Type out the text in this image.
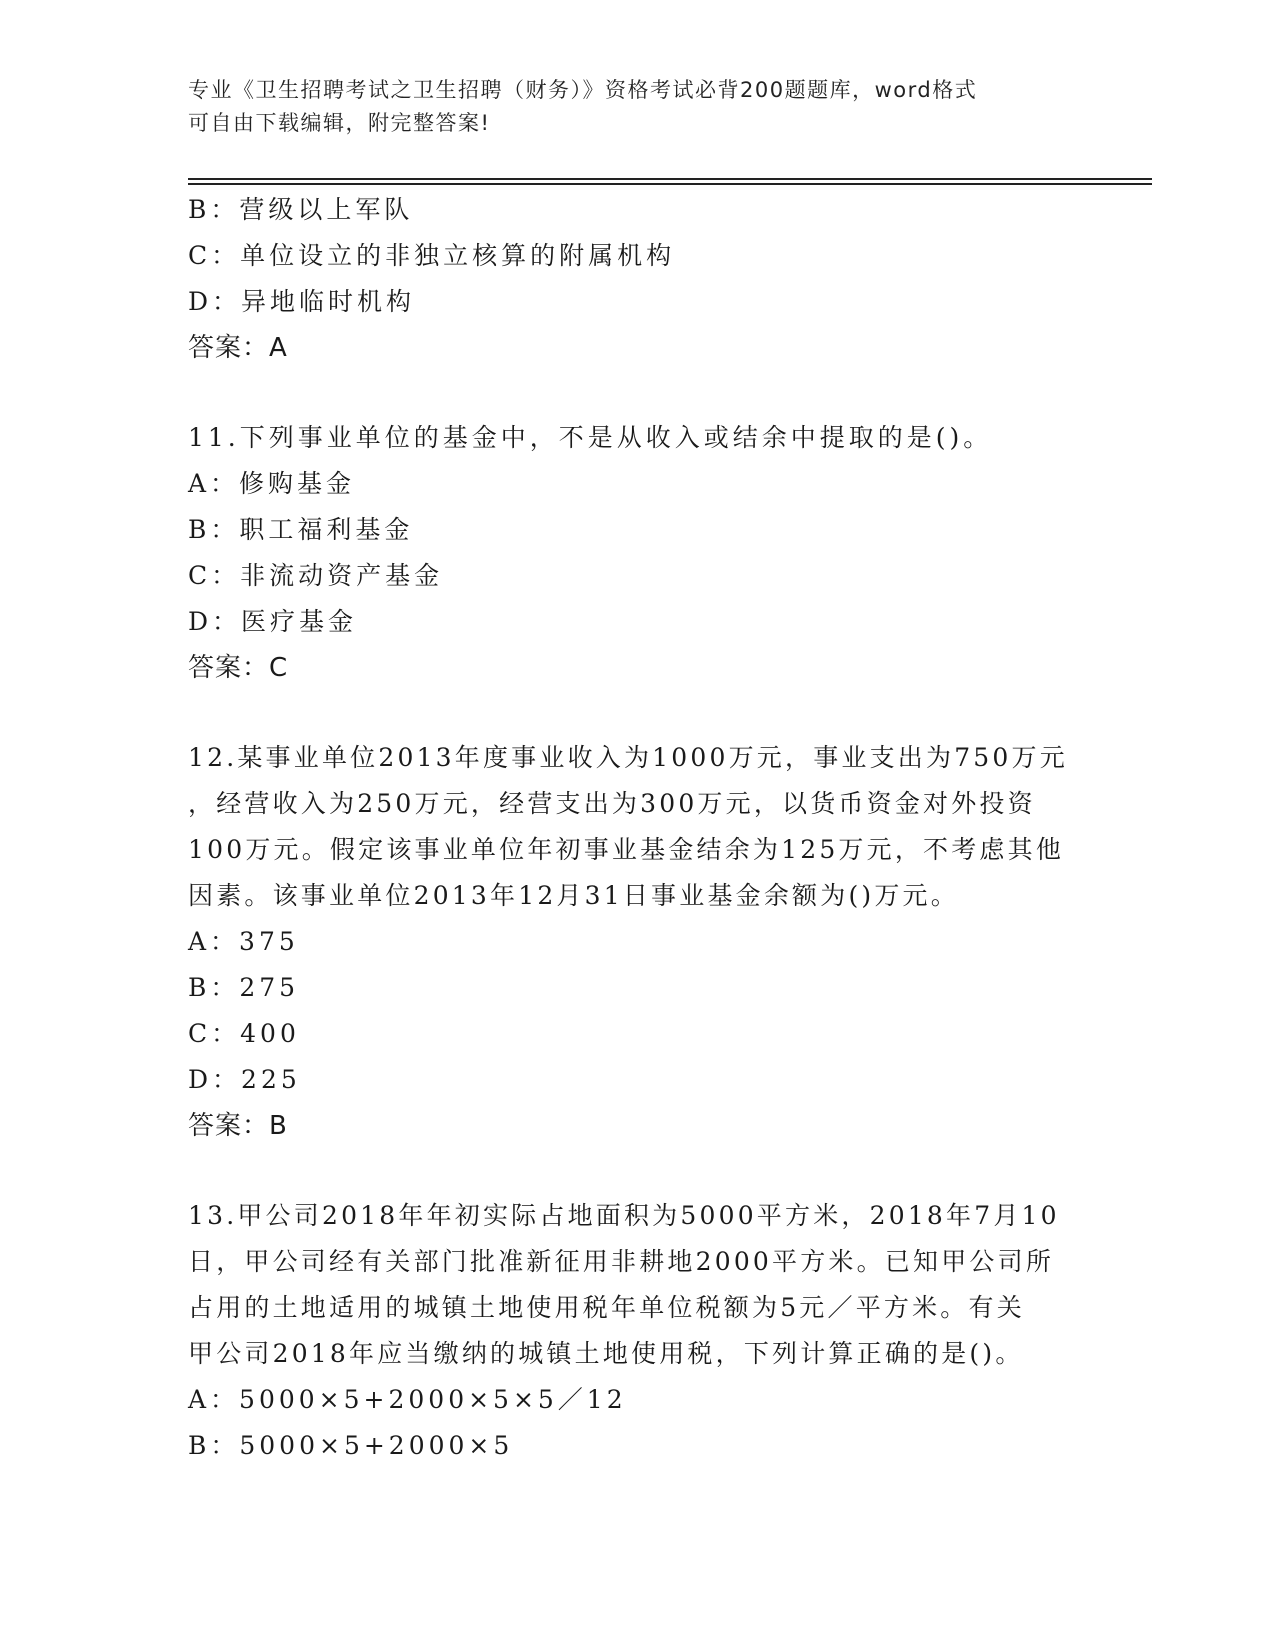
专业《卫生招聘考试之卫生招聘（财务）》资格考试必背200题题库，word格式
可自由下载编辑，附完整答案!
B：营级以上军队
C：单位设立的非独立核算的附属机构
D：异地临时机构
答案：A
11.下列事业单位的基金中，不是从收入或结余中提取的是()。
A：修购基金
B：职工福利基金
C：非流动资产基金
D：医疗基金
答案：C
12.某事业单位2013年度事业收入为1000万元，事业支出为750万元
，经营收入为250万元，经营支出为300万元，以货币资金对外投资
100万元。假定该事业单位年初事业基金结余为125万元，不考虑其他
因素。该事业单位2013年12月31日事业基金余额为()万元。
A：375
B：275
C：400
D：225
答案：B
13.甲公司2018年年初实际占地面积为5000平方米，2018年7月10
日，甲公司经有关部门批准新征用非耕地2000平方米。已知甲公司所
占用的土地适用的城镇土地使用税年单位税额为5元／平方米。有关
甲公司2018年应当缴纳的城镇土地使用税，下列计算正确的是()。
A：5000×5+2000×5×5／12
B：5000×5+2000×5
